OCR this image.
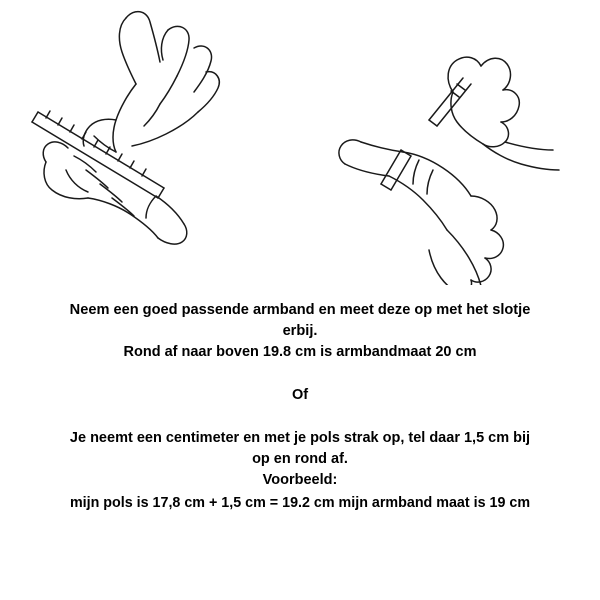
Neem een goed passende armband en meet deze op met het slotje
erbij.
Rond af naar boven 19.8 cm is armbandmaat 20 cm
Of
Je neemt een centimeter en met je pols strak op, tel daar 1,5 cm bij
op en rond af.
Voorbeeld:
mijn pols is 17,8 cm + 1,5 cm = 19.2 cm mijn armband maat is 19 cm
